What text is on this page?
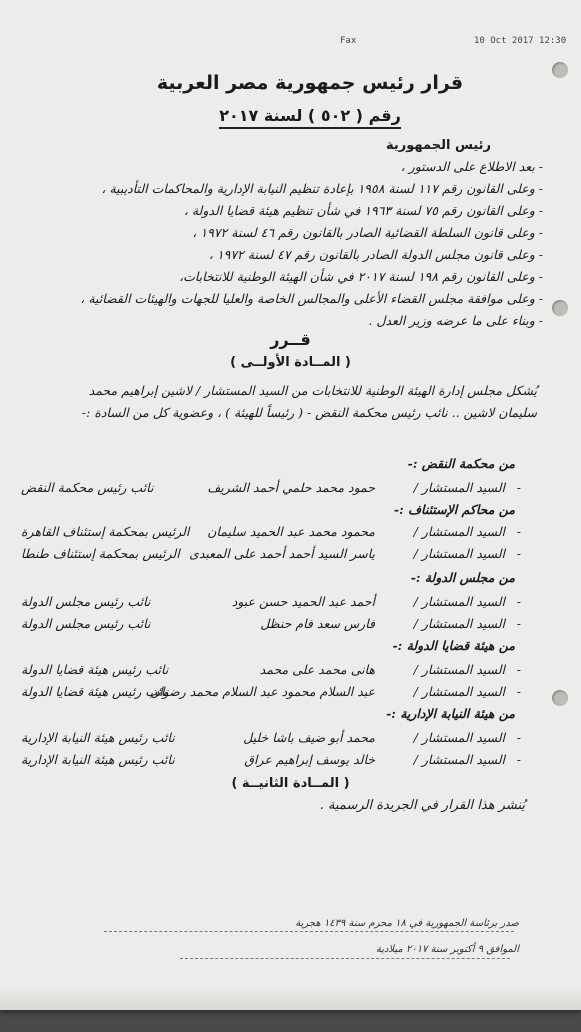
Fax	10 Oct 2017 12:30
قرار رئيس جمهورية مصر العربية
رقم ( ٥٠٢ ) لسنة ٢٠١٧
رئيس الجمهورية
- بعد الاطلاع على الدستور ،
- وعلى القانون رقم ١١٧ لسنة ١٩٥٨ بإعادة تنظيم النيابة الإدارية والمحاكمات التأديبية ،
- وعلى القانون رقم ٧٥ لسنة ١٩٦٣ في شأن تنظيم هيئة قضايا الدولة ،
- وعلى قانون السلطة القضائية الصادر بالقانون رقم ٤٦ لسنة ١٩٧٢ ،
- وعلى قانون مجلس الدولة الصادر بالقانون رقم ٤٧ لسنة ١٩٧٢ ،
- وعلى القانون رقم ١٩٨ لسنة ٢٠١٧ في شأن الهيئة الوطنية للانتخابات،
- وعلى موافقة مجلس القضاء الأعلى والمجالس الخاصة والعليا للجهات والهيئات القضائية ،
- وبناء على ما عرضه وزير العدل .
قــرر
( المــادة الأولــى )
يُشكل مجلس إدارة الهيئة الوطنية للانتخابات من السيد المستشار / لاشين إبراهيم محمد
سليمان لاشين .. نائب رئيس محكمة النقض - ( رئيساً للهيئة ) ، وعضوية كل من السادة :-
من محكمة النقض :-
-
السيد المستشار /
حمود محمد حلمي أحمد الشريف
نائب رئيس محكمة النقض
من محاكم الإستئناف :-
-
السيد المستشار /
محمود محمد عبد الحميد سليمان
الرئيس بمحكمة إستئناف القاهرة
-
السيد المستشار /
ياسر السيد أحمد أحمد على المعبدى
الرئيس بمحكمة إستئناف طنطا
من مجلس الدولة :-
-
السيد المستشار /
أحمد عبد الحميد حسن عبود
نائب رئيس مجلس الدولة
-
السيد المستشار /
فارس سعد فام حنظل
نائب رئيس مجلس الدولة
من هيئة قضايا الدولة :-
-
السيد المستشار /
هانى محمد على محمد
نائب رئيس هيئة قضايا الدولة
-
السيد المستشار /
عبد السلام محمود عبد السلام محمد رضوان
نائب رئيس هيئة قضايا الدولة
من هيئة النيابة الإدارية :-
-
السيد المستشار /
محمد أبو ضيف باشا خليل
نائب رئيس هيئة النيابة الإدارية
-
السيد المستشار /
خالد يوسف إبراهيم عراق
نائب رئيس هيئة النيابة الإدارية
( المــادة الثانيــة )
يُنشر هذا القرار في الجريدة الرسمية .
صدر برئاسة الجمهورية في ١٨ محرم سنة ١٤٣٩ هجرية
الموافق ٩ أكتوبر سنة ٢٠١٧ ميلادية
